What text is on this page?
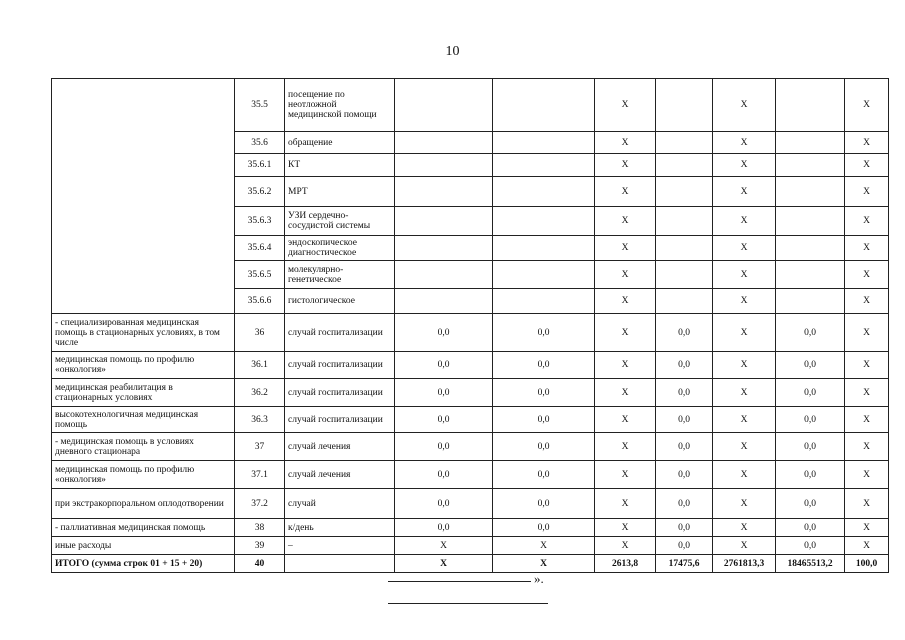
10
	35.5	посещение по неотложной медицинской помощи			X		X		X
	35.6	обращение			X		X		X
	35.6.1	КТ			X		X		X
	35.6.2	МРТ			X		X		X
	35.6.3	УЗИ сердечно-сосудистой системы			X		X		X
	35.6.4	эндоскопическое диагностическое			X		X		X
	35.6.5	молекулярно-генетическое			X		X		X
	35.6.6	гистологическое			X		X		X
- специализированная медицинская помощь в стационарных условиях, в том числе	36	случай госпитализации	0,0	0,0	X	0,0	X	0,0	X
медицинская помощь по профилю «онкология»	36.1	случай госпитализации	0,0	0,0	X	0,0	X	0,0	X
медицинская реабилитация в стационарных условиях	36.2	случай госпитализации	0,0	0,0	X	0,0	X	0,0	X
высокотехнологичная медицинская помощь	36.3	случай госпитализации	0,0	0,0	X	0,0	X	0,0	X
- медицинская помощь в условиях дневного стационара	37	случай лечения	0,0	0,0	X	0,0	X	0,0	X
медицинская помощь по профилю «онкология»	37.1	случай лечения	0,0	0,0	X	0,0	X	0,0	X
при экстракорпоральном оплодотворении	37.2	случай	0,0	0,0	X	0,0	X	0,0	X
- паллиативная медицинская помощь	38	к/день	0,0	0,0	X	0,0	X	0,0	X
иные расходы	39	–	X	X	X	0,0	X	0,0	X
ИТОГО (сумма строк 01 + 15 + 20)	40		X	X	2613,8	17475,6	2761813,3	18465513,2	100,0
».
